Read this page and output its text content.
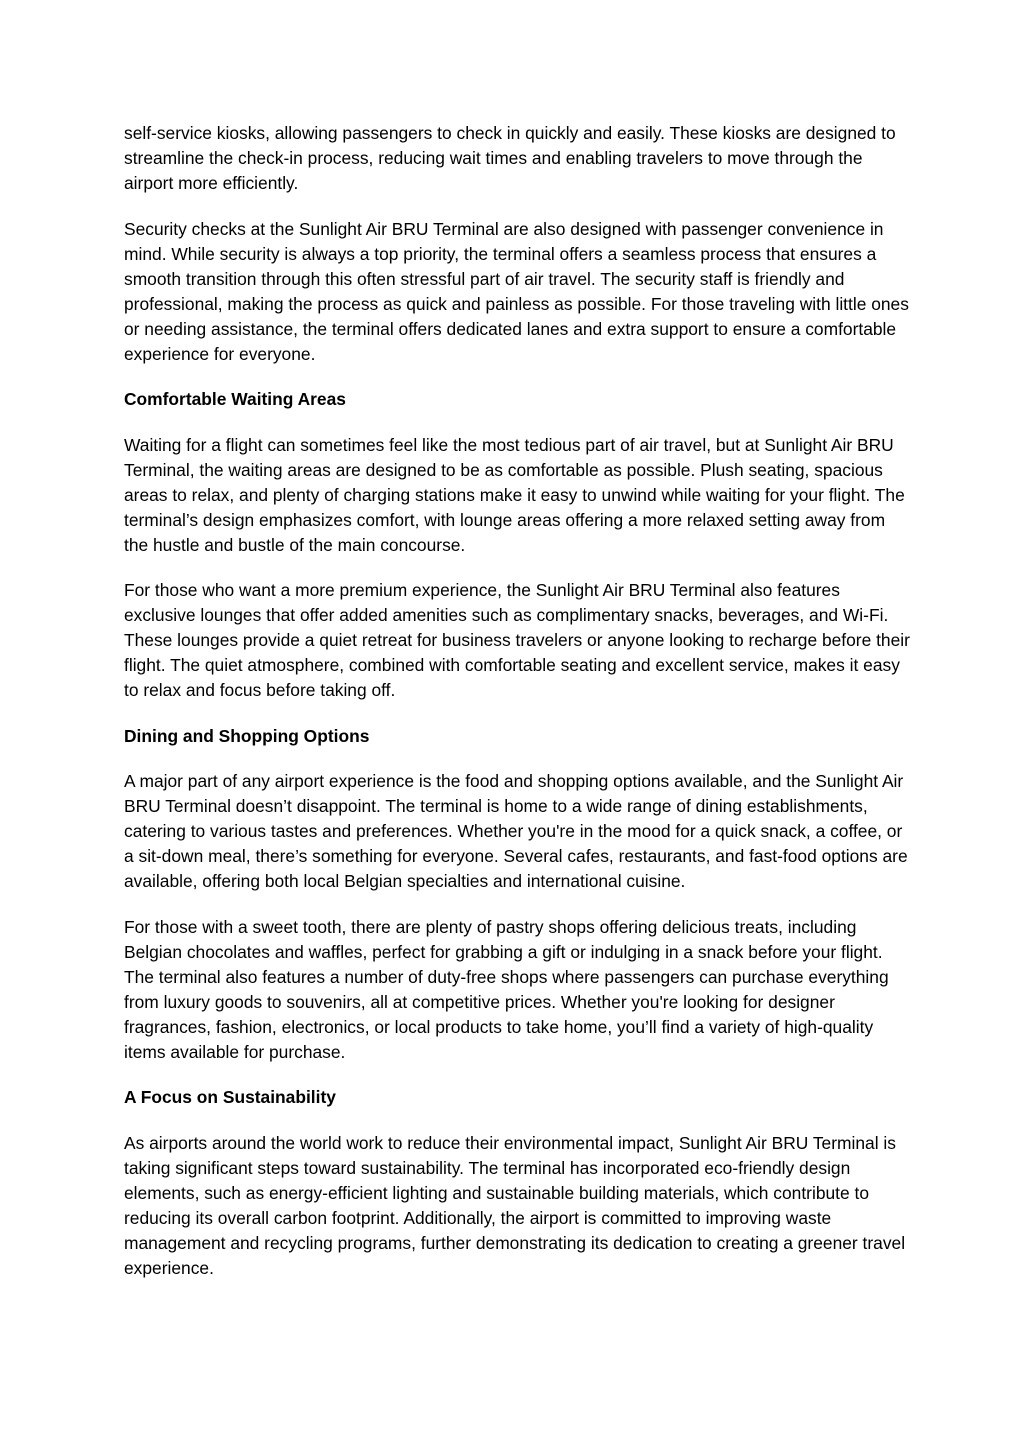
self-service kiosks, allowing passengers to check in quickly and easily. These kiosks are designed to streamline the check-in process, reducing wait times and enabling travelers to move through the airport more efficiently.

Security checks at the Sunlight Air BRU Terminal are also designed with passenger convenience in mind. While security is always a top priority, the terminal offers a seamless process that ensures a smooth transition through this often stressful part of air travel. The security staff is friendly and professional, making the process as quick and painless as possible. For those traveling with little ones or needing assistance, the terminal offers dedicated lanes and extra support to ensure a comfortable experience for everyone.

Comfortable Waiting Areas

Waiting for a flight can sometimes feel like the most tedious part of air travel, but at Sunlight Air BRU Terminal, the waiting areas are designed to be as comfortable as possible. Plush seating, spacious areas to relax, and plenty of charging stations make it easy to unwind while waiting for your flight. The terminal’s design emphasizes comfort, with lounge areas offering a more relaxed setting away from the hustle and bustle of the main concourse.

For those who want a more premium experience, the Sunlight Air BRU Terminal also features exclusive lounges that offer added amenities such as complimentary snacks, beverages, and Wi-Fi. These lounges provide a quiet retreat for business travelers or anyone looking to recharge before their flight. The quiet atmosphere, combined with comfortable seating and excellent service, makes it easy to relax and focus before taking off.

Dining and Shopping Options

A major part of any airport experience is the food and shopping options available, and the Sunlight Air BRU Terminal doesn’t disappoint. The terminal is home to a wide range of dining establishments, catering to various tastes and preferences. Whether you're in the mood for a quick snack, a coffee, or a sit-down meal, there’s something for everyone. Several cafes, restaurants, and fast-food options are available, offering both local Belgian specialties and international cuisine.

For those with a sweet tooth, there are plenty of pastry shops offering delicious treats, including Belgian chocolates and waffles, perfect for grabbing a gift or indulging in a snack before your flight. The terminal also features a number of duty-free shops where passengers can purchase everything from luxury goods to souvenirs, all at competitive prices. Whether you're looking for designer fragrances, fashion, electronics, or local products to take home, you’ll find a variety of high-quality items available for purchase.

A Focus on Sustainability

As airports around the world work to reduce their environmental impact, Sunlight Air BRU Terminal is taking significant steps toward sustainability. The terminal has incorporated eco-friendly design elements, such as energy-efficient lighting and sustainable building materials, which contribute to reducing its overall carbon footprint. Additionally, the airport is committed to improving waste management and recycling programs, further demonstrating its dedication to creating a greener travel experience.
